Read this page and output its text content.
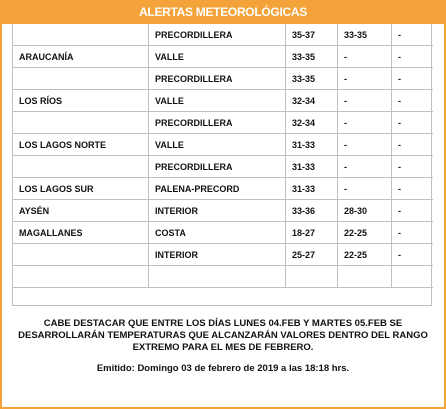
ALERTAS METEOROLÓGICAS
	PRECORDILLERA	35-37	33-35	-
ARAUCANÍA	VALLE	33-35	-	-
	PRECORDILLERA	33-35	-	-
LOS RÍOS	VALLE	32-34	-	-
	PRECORDILLERA	32-34	-	-
LOS LAGOS NORTE	VALLE	31-33	-	-
	PRECORDILLERA	31-33	-	-
LOS LAGOS SUR	PALENA-PRECORD	31-33	-	-
AYSÉN	INTERIOR	33-36	28-30	-
MAGALLANES	COSTA	18-27	22-25	-
	INTERIOR	25-27	22-25	-

CABE DESTACAR QUE ENTRE LOS DÍAS LUNES 04.FEB Y MARTES 05.FEB SE DESARROLLARÁN TEMPERATURAS QUE ALCANZARÁN VALORES DENTRO DEL RANGO EXTREMO PARA EL MES DE FEBRERO.
Emitido: Domingo 03 de febrero de 2019 a las 18:18 hrs.
